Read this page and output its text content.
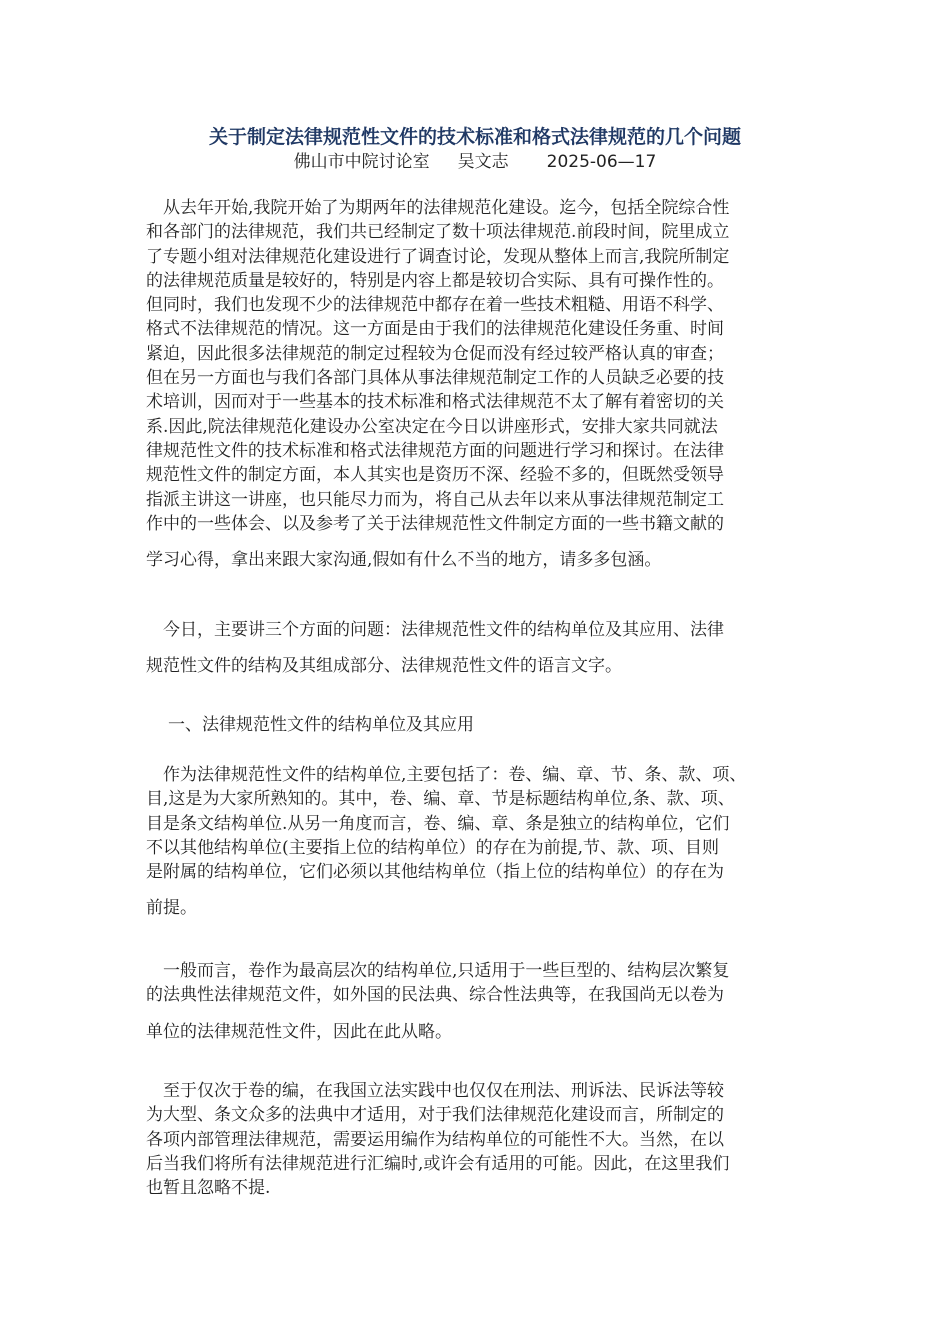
关于制定法律规范性文件的技术标准和格式法律规范的几个问题
佛山市中院讨论室 吴文志 2025-06—17
　从去年开始,我院开始了为期两年的法律规范化建设。迄今，包括全院综合性
和各部门的法律规范，我们共已经制定了数十项法律规范.前段时间，院里成立
了专题小组对法律规范化建设进行了调查讨论，发现从整体上而言,我院所制定
的法律规范质量是较好的，特别是内容上都是较切合实际、具有可操作性的。
但同时，我们也发现不少的法律规范中都存在着一些技术粗糙、用语不科学、
格式不法律规范的情况。这一方面是由于我们的法律规范化建设任务重、时间
紧迫，因此很多法律规范的制定过程较为仓促而没有经过较严格认真的审查；
但在另一方面也与我们各部门具体从事法律规范制定工作的人员缺乏必要的技
术培训，因而对于一些基本的技术标准和格式法律规范不太了解有着密切的关
系.因此,院法律规范化建设办公室决定在今日以讲座形式，安排大家共同就法
律规范性文件的技术标准和格式法律规范方面的问题进行学习和探讨。在法律
规范性文件的制定方面，本人其实也是资历不深、经验不多的，但既然受领导
指派主讲这一讲座，也只能尽力而为，将自己从去年以来从事法律规范制定工
作中的一些体会、以及参考了关于法律规范性文件制定方面的一些书籍文献的
学习心得，拿出来跟大家沟通,假如有什么不当的地方，请多多包涵。
　今日，主要讲三个方面的问题：法律规范性文件的结构单位及其应用、法律
规范性文件的结构及其组成部分、法律规范性文件的语言文字。
一、法律规范性文件的结构单位及其应用
　作为法律规范性文件的结构单位,主要包括了：卷、编、章、节、条、款、项、
目,这是为大家所熟知的。其中，卷、编、章、节是标题结构单位,条、款、项、
目是条文结构单位.从另一角度而言，卷、编、章、条是独立的结构单位，它们
不以其他结构单位(主要指上位的结构单位）的存在为前提,节、款、项、目则
是附属的结构单位，它们必须以其他结构单位（指上位的结构单位）的存在为
前提。
　一般而言，卷作为最高层次的结构单位,只适用于一些巨型的、结构层次繁复
的法典性法律规范文件，如外国的民法典、综合性法典等，在我国尚无以卷为
单位的法律规范性文件，因此在此从略。
　至于仅次于卷的编，在我国立法实践中也仅仅在刑法、刑诉法、民诉法等较
为大型、条文众多的法典中才适用，对于我们法律规范化建设而言，所制定的
各项内部管理法律规范，需要运用编作为结构单位的可能性不大。当然，在以
后当我们将所有法律规范进行汇编时,或许会有适用的可能。因此，在这里我们
也暂且忽略不提.
